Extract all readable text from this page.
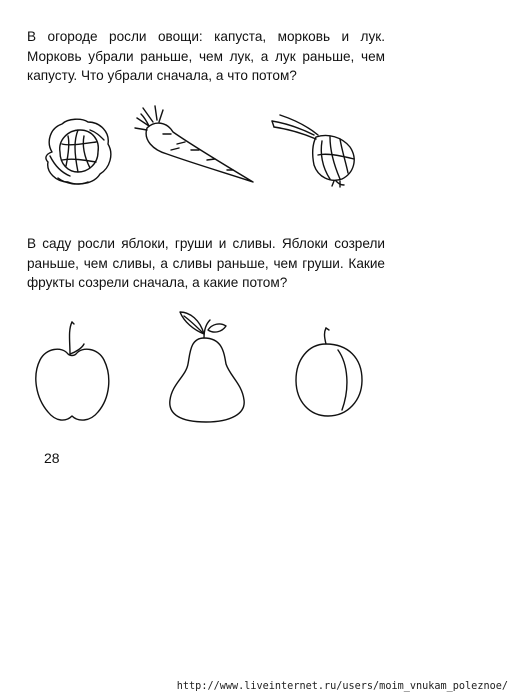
В огороде росли овощи: капуста, морковь и лук.
Морковь убрали раньше, чем лук, а лук раньше, чем
капусту. Что убрали сначала, а что потом?
В саду росли яблоки, груши и сливы. Яблоки созрели
раньше, чем сливы, а сливы раньше, чем груши. Какие
фрукты созрели сначала, а какие потом?
28
http://www.liveinternet.ru/users/moim_vnukam_poleznoe/
